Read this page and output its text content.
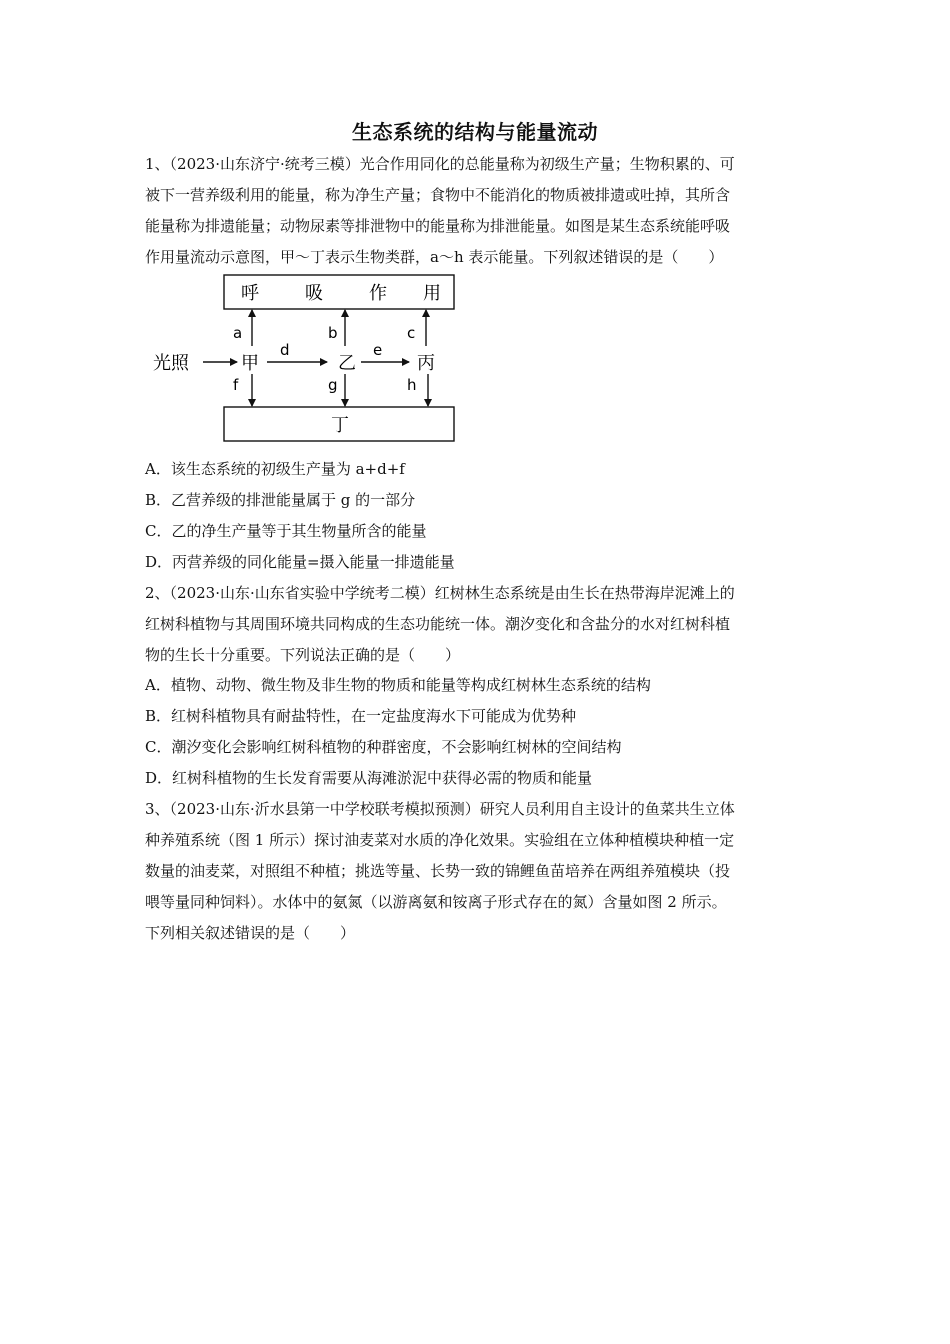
生态系统的结构与能量流动
1、（2023·山东济宁·统考三模）光合作用同化的总能量称为初级生产量；生物积累的、可
被下一营养级利用的能量，称为净生产量；食物中不能消化的物质被排遗或吐掉，其所含
能量称为排遗能量；动物尿素等排泄物中的能量称为排泄能量。如图是某生态系统能呼吸
作用量流动示意图，甲～丁表示生物类群，a～h 表示能量。下列叙述错误的是（　　）
呼	吸	作 用
丁
光照	甲	乙	丙
d	e
a	b	c
f	g	h
A．该生态系统的初级生产量为 a+d+f
B．乙营养级的排泄能量属于 g 的一部分
C．乙的净生产量等于其生物量所含的能量
D．丙营养级的同化能量=摄入能量一排遗能量
2、（2023·山东·山东省实验中学统考二模）红树林生态系统是由生长在热带海岸泥滩上的
红树科植物与其周围环境共同构成的生态功能统一体。潮汐变化和含盐分的水对红树科植
物的生长十分重要。下列说法正确的是（　　）
A．植物、动物、微生物及非生物的物质和能量等构成红树林生态系统的结构
B．红树科植物具有耐盐特性，在一定盐度海水下可能成为优势种
C．潮汐变化会影响红树科植物的种群密度，不会影响红树林的空间结构
D．红树科植物的生长发育需要从海滩淤泥中获得必需的物质和能量
3、（2023·山东·沂水县第一中学校联考模拟预测）研究人员利用自主设计的鱼菜共生立体
种养殖系统（图 1 所示）探讨油麦菜对水质的净化效果。实验组在立体种植模块种植一定
数量的油麦菜，对照组不种植；挑选等量、长势一致的锦鲤鱼苗培养在两组养殖模块（投
喂等量同种饲料）。水体中的氨氮（以游离氨和铵离子形式存在的氮）含量如图 2 所示。
下列相关叙述错误的是（　　）
